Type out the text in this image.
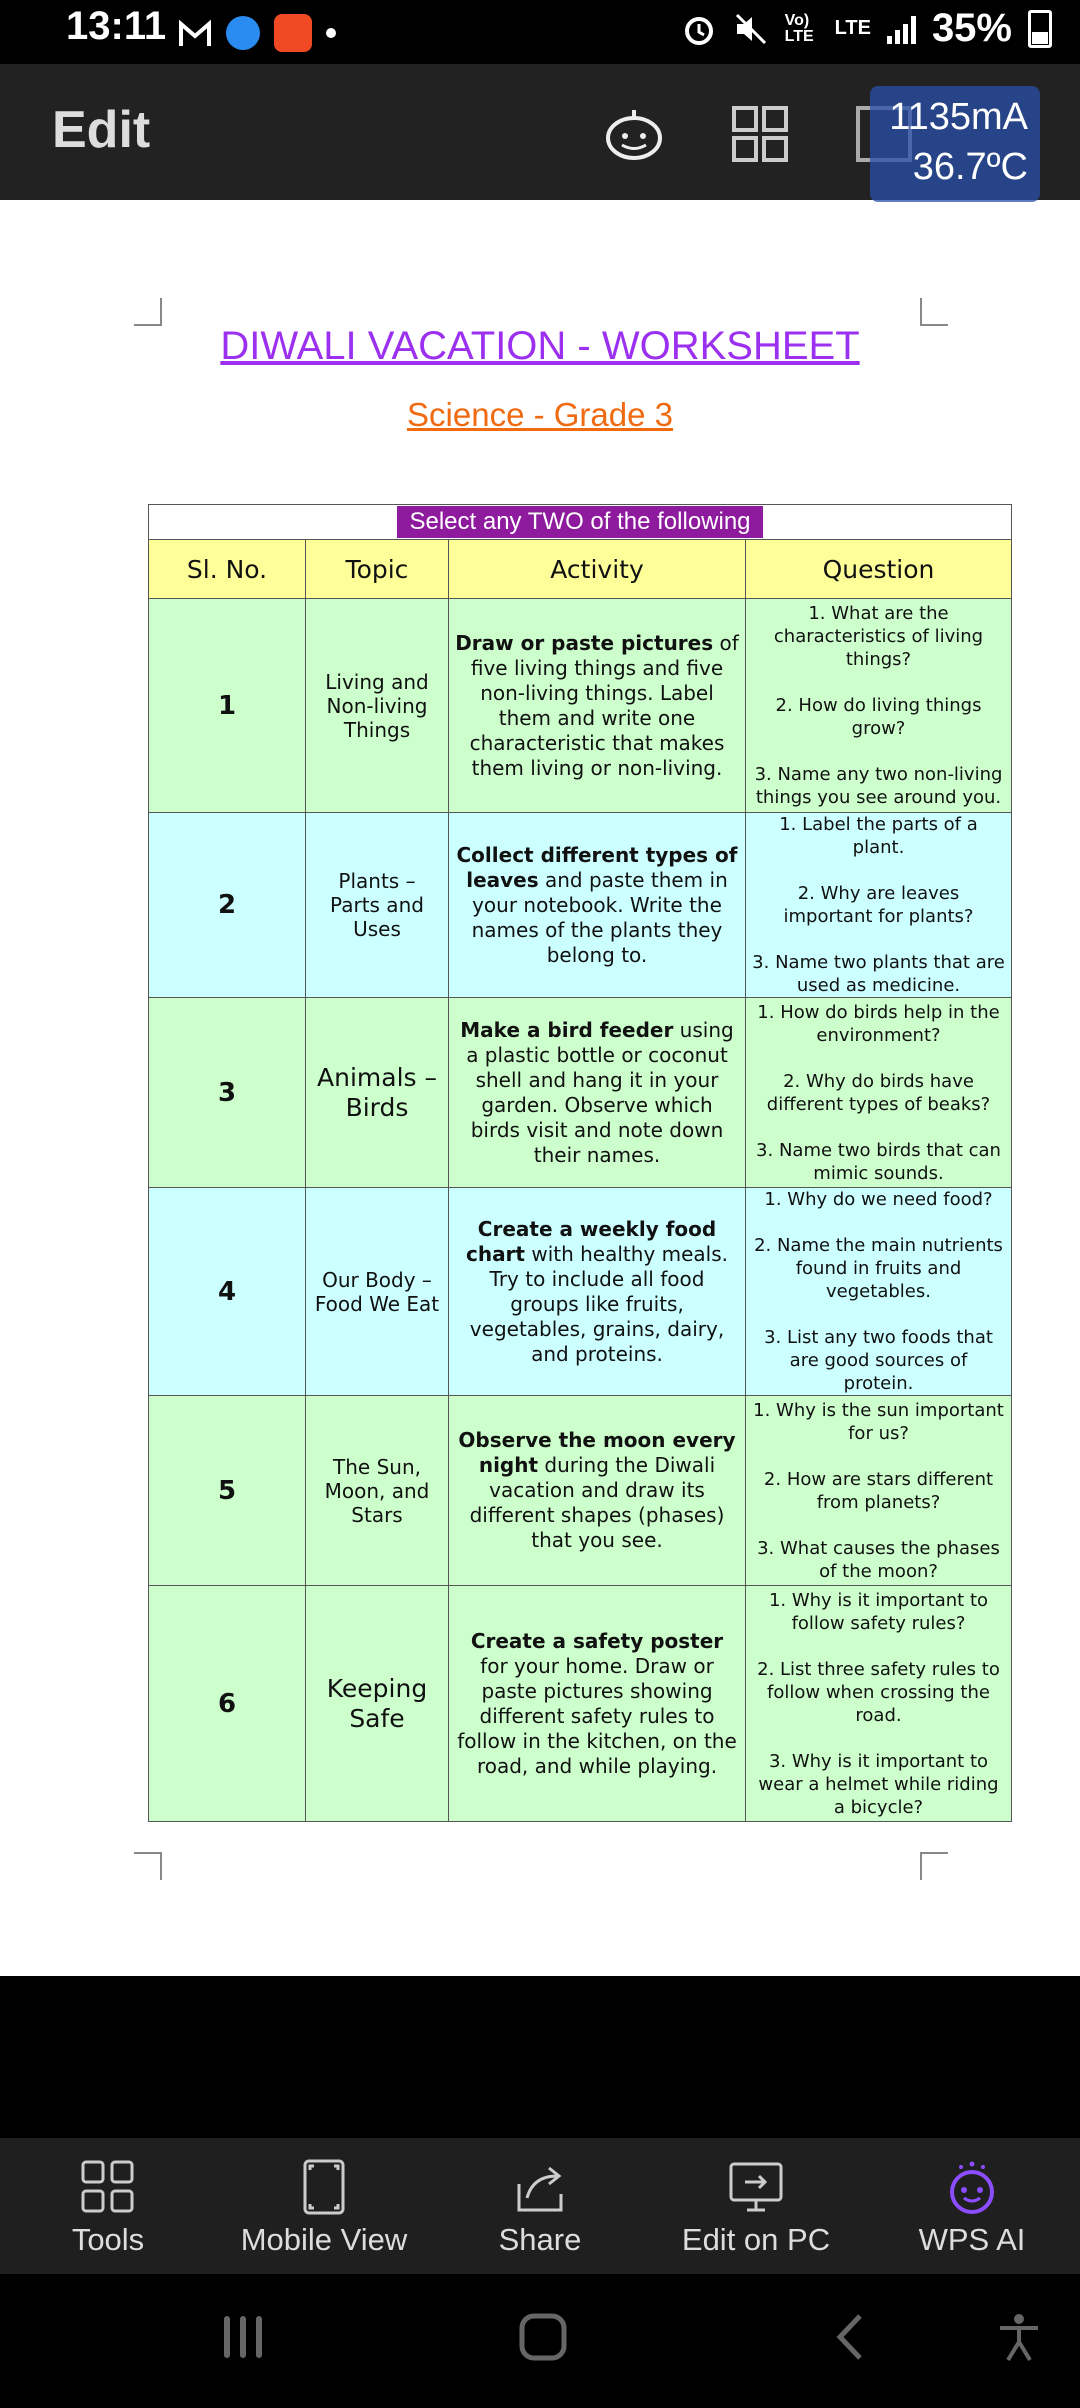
13:11	Vo) LTE LTE 35%
Edit
DIWALI VACATION - WORKSHEET
Science - Grade 3
Select any TWO of the following			
Sl. No.	Topic	Activity	Question
1	Living and Non-living Things	Draw or paste pictures of five living things and five non-living things. Label them and write one characteristic that makes them living or non-living.	1. What are the characteristics of living things?
2. How do living things grow?
3. Name any two non-living things you see around you.

2	Plants – Parts and Uses	Collect different types of leaves and paste them in your notebook. Write the names of the plants they belong to.	1. Label the parts of a plant.
2. Why are leaves important for plants?
3. Name two plants that are used as medicine.

3	Animals – Birds	Make a bird feeder using a plastic bottle or coconut shell and hang it in your garden. Observe which birds visit and note down their names.	1. How do birds help in the environment?
2. Why do birds have different types of beaks?
3. Name two birds that can mimic sounds.

4	Our Body – Food We Eat	Create a weekly food chart with healthy meals. Try to include all food groups like fruits, vegetables, grains, dairy, and proteins.	1. Why do we need food?
2. Name the main nutrients found in fruits and vegetables.
3. List any two foods that are good sources of protein.

5	The Sun, Moon, and Stars	Observe the moon every night during the Diwali vacation and draw its different shapes (phases) that you see.	1. Why is the sun important for us?
2. How are stars different from planets?
3. What causes the phases of the moon?

6	Keeping Safe	Create a safety poster for your home. Draw or paste pictures showing different safety rules to follow in the kitchen, on the road, and while playing.	1. Why is it important to follow safety rules?
2. List three safety rules to follow when crossing the road.
3. Why is it important to wear a helmet while riding a bicycle?
1135mA
36.7ºC
Tools	Mobile View	Share	Edit on PC	WPS AI
